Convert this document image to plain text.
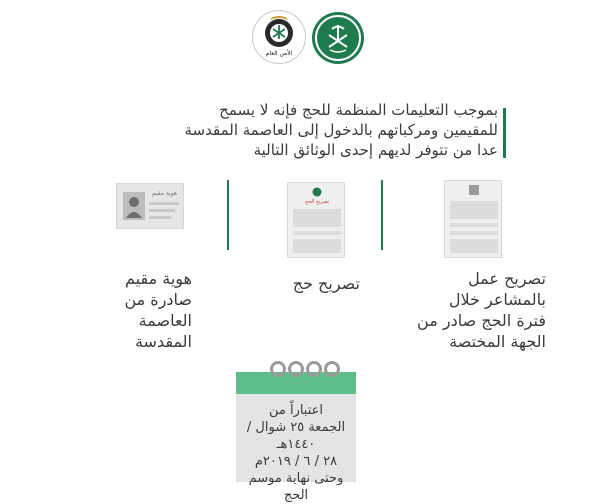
الأمن العام
بموجب التعليمات المنظمة للحج فإنه لا يسمح
للمقيمين ومركباتهم بالدخول إلى العاصمة المقدسة
عدا من تتوفر لديهم إحدى الوثائق التالية
هوية مقيم
تصريح الحج
هوية مقيم
صادرة من
العاصمة
المقدسة
تصريح حج	تصريح عمل
بالمشاعر خلال
فترة الحج صادر من
الجهة المختصة
اعتباراً من
الجمعة ٢٥ شوال / ١٤٤٠هـ
٢٨ / ٦ / ٢٠١٩م
وحتى نهاية موسم الحج
